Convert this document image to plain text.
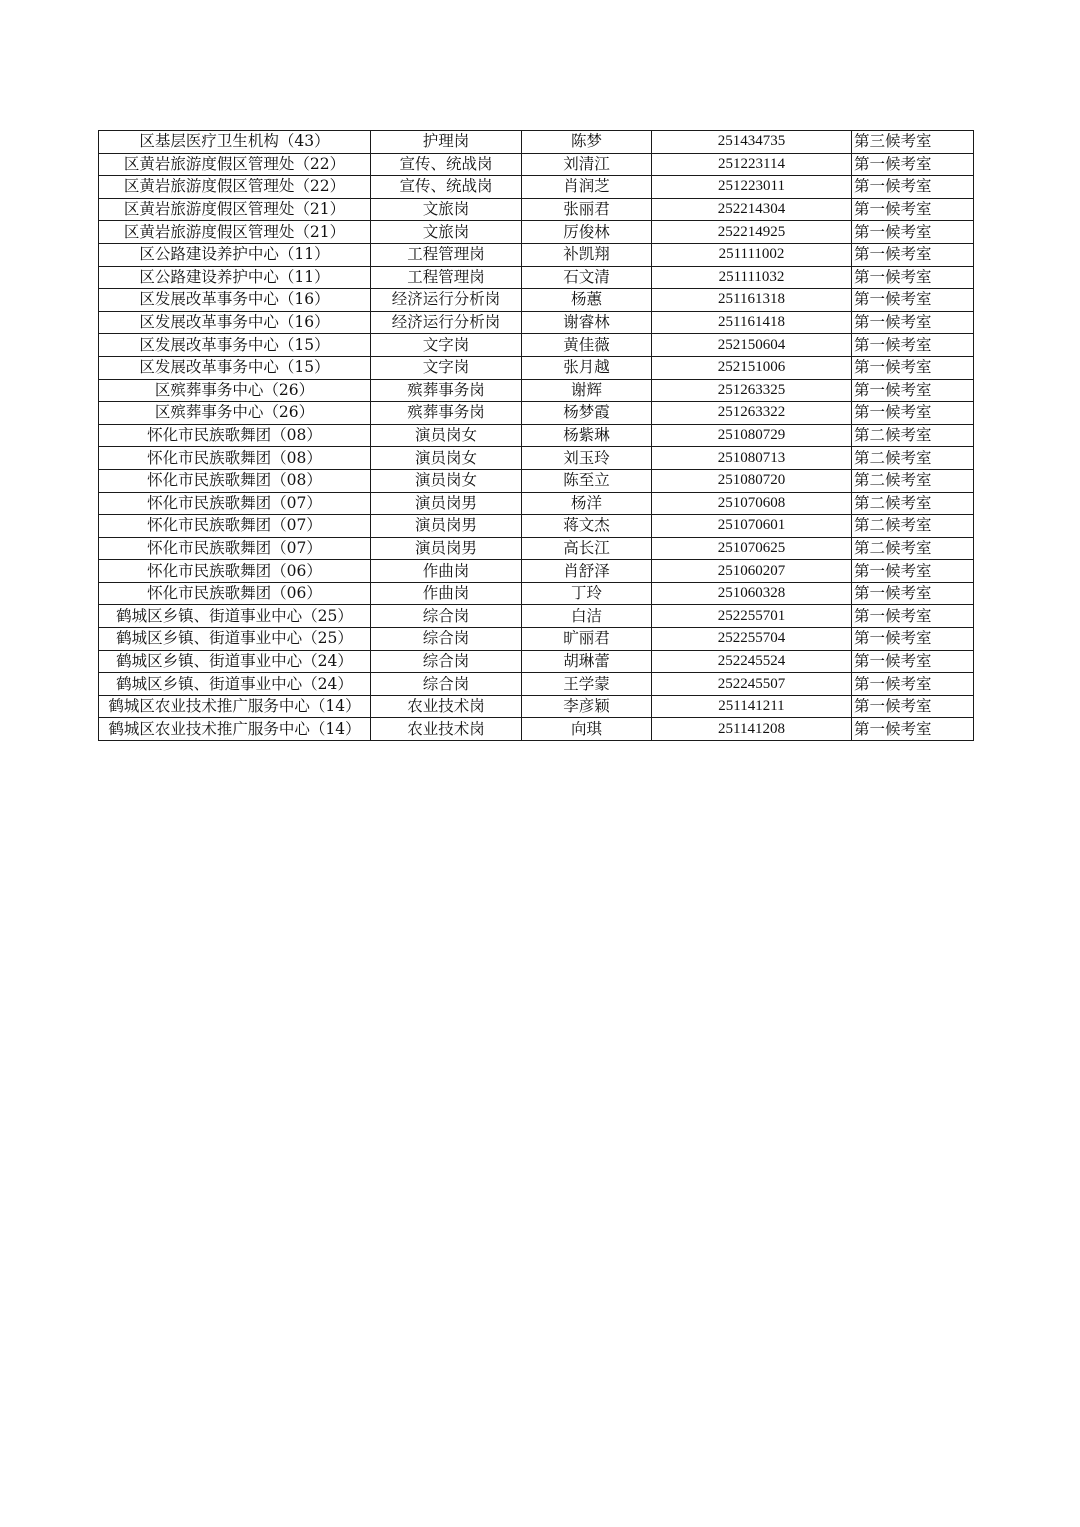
区基层医疗卫生机构（43）	护理岗	陈梦	251434735	第三候考室
区黄岩旅游度假区管理处（22）	宣传、统战岗	刘清江	251223114	第一候考室
区黄岩旅游度假区管理处（22）	宣传、统战岗	肖润芝	251223011	第一候考室
区黄岩旅游度假区管理处（21）	文旅岗	张丽君	252214304	第一候考室
区黄岩旅游度假区管理处（21）	文旅岗	厉俊林	252214925	第一候考室
区公路建设养护中心（11）	工程管理岗	补凯翔	251111002	第一候考室
区公路建设养护中心（11）	工程管理岗	石文清	251111032	第一候考室
区发展改革事务中心（16）	经济运行分析岗	杨蕙	251161318	第一候考室
区发展改革事务中心（16）	经济运行分析岗	谢睿林	251161418	第一候考室
区发展改革事务中心（15）	文字岗	黄佳薇	252150604	第一候考室
区发展改革事务中心（15）	文字岗	张月越	252151006	第一候考室
区殡葬事务中心（26）	殡葬事务岗	谢辉	251263325	第一候考室
区殡葬事务中心（26）	殡葬事务岗	杨梦霞	251263322	第一候考室
怀化市民族歌舞团（08）	演员岗女	杨紫琳	251080729	第二候考室
怀化市民族歌舞团（08）	演员岗女	刘玉玲	251080713	第二候考室
怀化市民族歌舞团（08）	演员岗女	陈至立	251080720	第二候考室
怀化市民族歌舞团（07）	演员岗男	杨洋	251070608	第二候考室
怀化市民族歌舞团（07）	演员岗男	蒋文杰	251070601	第二候考室
怀化市民族歌舞团（07）	演员岗男	高长江	251070625	第二候考室
怀化市民族歌舞团（06）	作曲岗	肖舒泽	251060207	第一候考室
怀化市民族歌舞团（06）	作曲岗	丁玲	251060328	第一候考室
鹤城区乡镇、街道事业中心（25）	综合岗	白洁	252255701	第一候考室
鹤城区乡镇、街道事业中心（25）	综合岗	旷丽君	252255704	第一候考室
鹤城区乡镇、街道事业中心（24）	综合岗	胡琳蕾	252245524	第一候考室
鹤城区乡镇、街道事业中心（24）	综合岗	王学蒙	252245507	第一候考室
鹤城区农业技术推广服务中心（14）	农业技术岗	李彦颖	251141211	第一候考室
鹤城区农业技术推广服务中心（14）	农业技术岗	向琪	251141208	第一候考室
